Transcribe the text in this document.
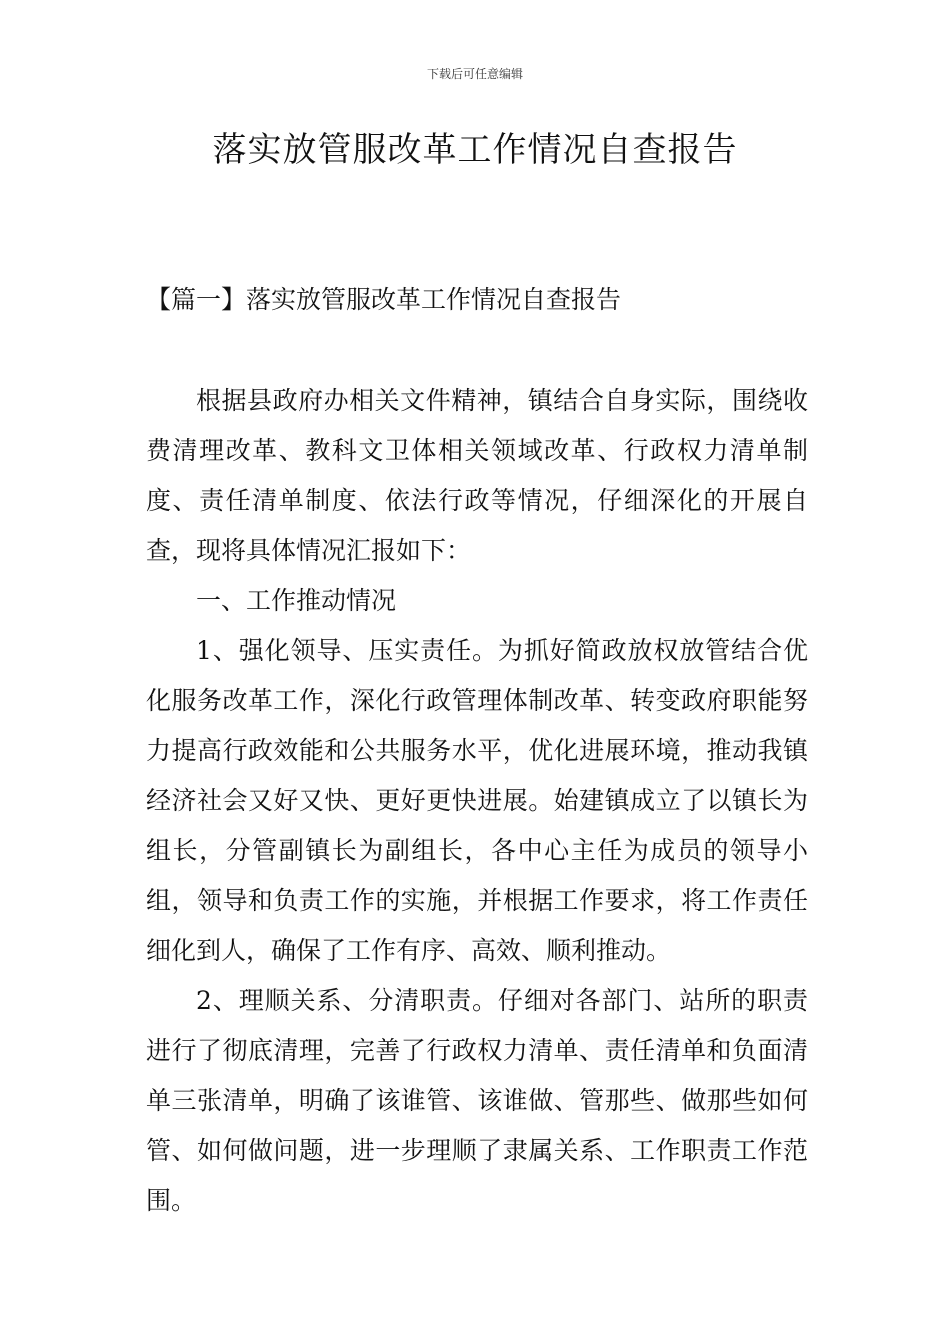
下载后可任意编辑
落实放管服改革工作情况自查报告
【篇一】落实放管服改革工作情况自查报告

根据县政府办相关文件精神，镇结合自身实际，围绕收费清理改革、教科文卫体相关领域改革、行政权力清单制度、责任清单制度、依法行政等情况，仔细深化的开展自查，现将具体情况汇报如下：

一、工作推动情况

1、强化领导、压实责任。为抓好简政放权放管结合优化服务改革工作，深化行政管理体制改革、转变政府职能努力提高行政效能和公共服务水平，优化进展环境，推动我镇经济社会又好又快、更好更快进展。始建镇成立了以镇长为组长，分管副镇长为副组长，各中心主任为成员的领导小组，领导和负责工作的实施，并根据工作要求，将工作责任细化到人，确保了工作有序、高效、顺利推动。

2、理顺关系、分清职责。仔细对各部门、站所的职责进行了彻底清理，完善了行政权力清单、责任清单和负面清单三张清单，明确了该谁管、该谁做、管那些、做那些如何管、如何做问题，进一步理顺了隶属关系、工作职责工作范围。
